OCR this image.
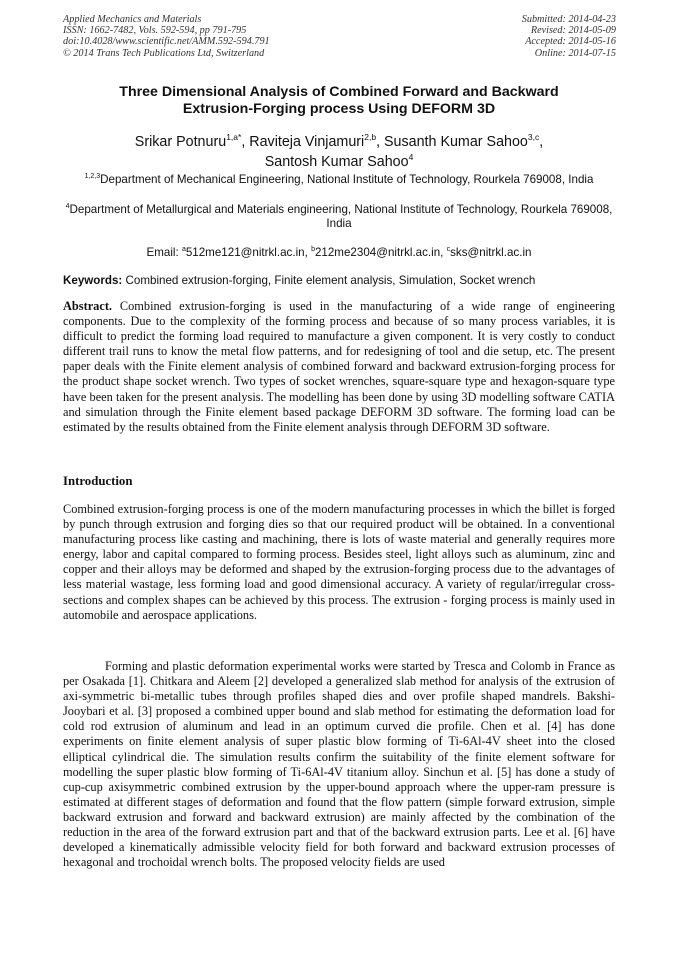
Applied Mechanics and Materials
ISSN: 1662-7482, Vols. 592-594, pp 791-795
doi:10.4028/www.scientific.net/AMM.592-594.791
© 2014 Trans Tech Publications Ltd, Switzerland
Submitted: 2014-04-23
Revised: 2014-05-09
Accepted: 2014-05-16
Online: 2014-07-15
Three Dimensional Analysis of Combined Forward and Backward
Extrusion-Forging process Using DEFORM 3D
Srikar Potnuru$^{1,a*}$, Raviteja Vinjamuri$^{2,b}$, Susanth Kumar Sahoo$^{3,c}$,
Santosh Kumar Sahoo$^4$
$^{1,2,3}$Department of Mechanical Engineering, National Institute of Technology, Rourkela 769008, India
$^4$Department of Metallurgical and Materials engineering, National Institute of Technology, Rourkela 769008, India
Email: $^a$512me121@nitrkl.ac.in, $^b$212me2304@nitrkl.ac.in, $^c$sks@nitrkl.ac.in
Keywords: Combined extrusion-forging, Finite element analysis, Simulation, Socket wrench
Abstract. Combined extrusion-forging is used in the manufacturing of a wide range of engineering components. Due to the complexity of the forming process and because of so many process variables, it is difficult to predict the forming load required to manufacture a given component. It is very costly to conduct different trail runs to know the metal flow patterns, and for redesigning of tool and die setup, etc. The present paper deals with the Finite element analysis of combined forward and backward extrusion-forging process for the product shape socket wrench. Two types of socket wrenches, square-square type and hexagon-square type have been taken for the present analysis. The modelling has been done by using 3D modelling software CATIA and simulation through the Finite element based package DEFORM 3D software. The forming load can be estimated by the results obtained from the Finite element analysis through DEFORM 3D software.
Introduction
Combined extrusion-forging process is one of the modern manufacturing processes in which the billet is forged by punch through extrusion and forging dies so that our required product will be obtained. In a conventional manufacturing process like casting and machining, there is lots of waste material and generally requires more energy, labor and capital compared to forming process. Besides steel, light alloys such as aluminum, zinc and copper and their alloys may be deformed and shaped by the extrusion-forging process due to the advantages of less material wastage, less forming load and good dimensional accuracy. A variety of regular/irregular cross-sections and complex shapes can be achieved by this process. The extrusion - forging process is mainly used in automobile and aerospace applications.
Forming and plastic deformation experimental works were started by Tresca and Colomb in France as per Osakada [1]. Chitkara and Aleem [2] developed a generalized slab method for analysis of the extrusion of axi-symmetric bi-metallic tubes through profiles shaped dies and over profile shaped mandrels. Bakshi-Jooybari et al. [3] proposed a combined upper bound and slab method for estimating the deformation load for cold rod extrusion of aluminum and lead in an optimum curved die profile. Chen et al. [4] has done experiments on finite element analysis of super plastic blow forming of Ti-6Al-4V sheet into the closed elliptical cylindrical die. The simulation results confirm the suitability of the finite element software for modelling the super plastic blow forming of Ti-6Al-4V titanium alloy. Sinchun et al. [5] has done a study of cup-cup axisymmetric combined extrusion by the upper-bound approach where the upper-ram pressure is estimated at different stages of deformation and found that the flow pattern (simple forward extrusion, simple backward extrusion and forward and backward extrusion) are mainly affected by the combination of the reduction in the area of the forward extrusion part and that of the backward extrusion parts. Lee et al. [6] have developed a kinematically admissible velocity field for both forward and backward extrusion processes of hexagonal and trochoidal wrench bolts. The proposed velocity fields are used
